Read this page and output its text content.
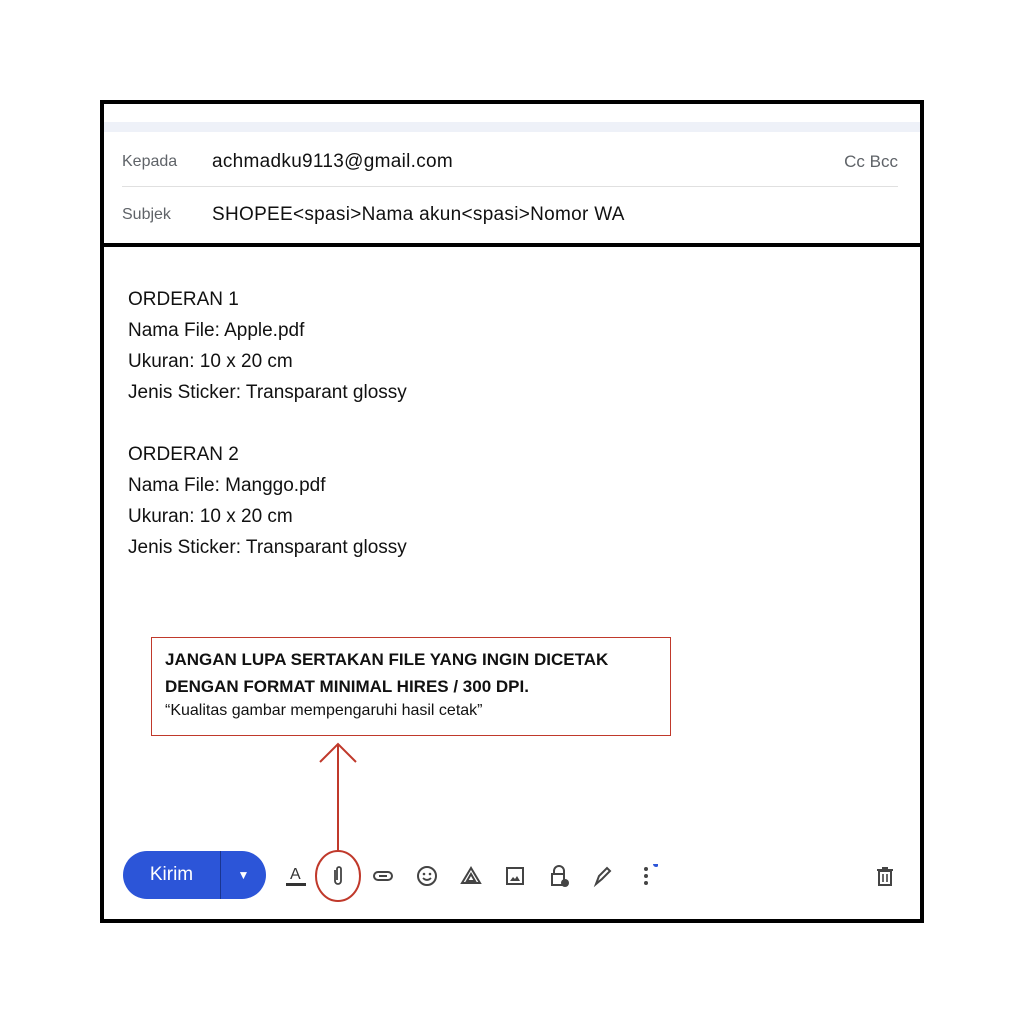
Kepada	achmadku9113@gmail.com	Cc Bcc
Subjek	SHOPEE<spasi>Nama akun<spasi>Nomor WA
ORDERAN 1
Nama File: Apple.pdf
Ukuran: 10 x 20 cm
Jenis Sticker: Transparant glossy
ORDERAN 2
Nama File: Manggo.pdf
Ukuran: 10 x 20 cm
Jenis Sticker: Transparant glossy
JANGAN LUPA SERTAKAN FILE YANG INGIN DICETAK
DENGAN FORMAT MINIMAL HIRES / 300 DPI.
“Kualitas gambar mempengaruhi hasil cetak”
Kirim	▼	A
